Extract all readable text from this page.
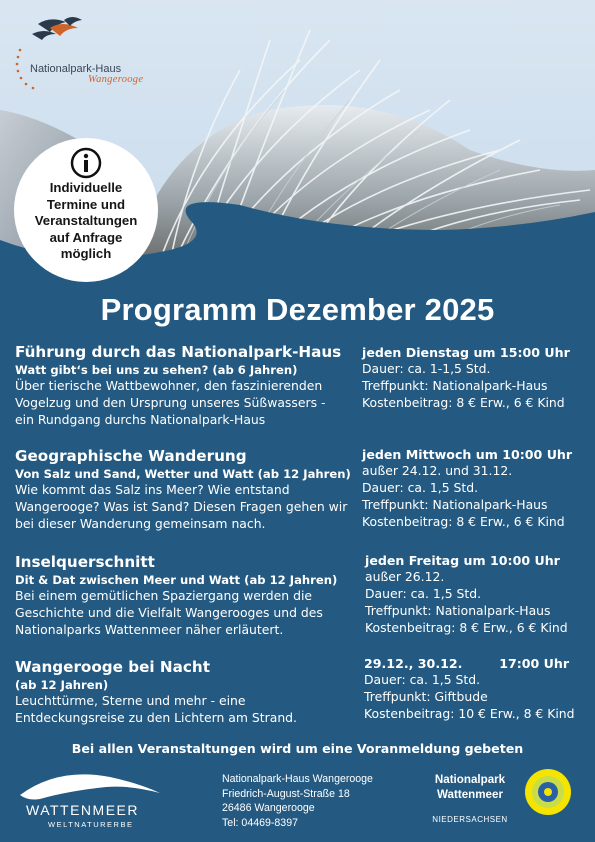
Nationalpark-Haus
Wangerooge
Individuelle
Termine und
Veranstaltungen
auf Anfrage
möglich
Programm Dezember 2025
Führung durch das Nationalpark-Haus
Watt gibt‘s bei uns zu sehen? (ab 6 Jahren)
Über tierische Wattbewohner, den faszinierenden
Vogelzug und den Ursprung unseres Süßwassers -
ein Rundgang durchs Nationalpark-Haus
jeden Dienstag um 15:00 Uhr
Dauer: ca. 1-1,5 Std.
Treffpunkt: Nationalpark-Haus
Kostenbeitrag: 8 € Erw., 6 € Kind
Geographische Wanderung
Von Salz und Sand, Wetter und Watt (ab 12 Jahren)
Wie kommt das Salz ins Meer? Wie entstand
Wangerooge? Was ist Sand? Diesen Fragen gehen wir
bei dieser Wanderung gemeinsam nach.
jeden Mittwoch um 10:00 Uhr
außer 24.12. und 31.12.
Dauer: ca. 1,5 Std.
Treffpunkt: Nationalpark-Haus
Kostenbeitrag: 8 € Erw., 6 € Kind
Inselquerschnitt
Dit & Dat zwischen Meer und Watt (ab 12 Jahren)
Bei einem gemütlichen Spaziergang werden die
Geschichte und die Vielfalt Wangerooges und des
Nationalparks Wattenmeer näher erläutert.
jeden Freitag um 10:00 Uhr
außer 26.12.
Dauer: ca. 1,5 Std.
Treffpunkt: Nationalpark-Haus
Kostenbeitrag: 8 € Erw., 6 € Kind
Wangerooge bei Nacht
(ab 12 Jahren)
Leuchttürme, Sterne und mehr - eine
Entdeckungsreise zu den Lichtern am Strand.
29.12., 30.12.	17:00 Uhr
Dauer: ca. 1,5 Std.
Treffpunkt: Giftbude
Kostenbeitrag: 10 € Erw., 8 € Kind
Bei allen Veranstaltungen wird um eine Voranmeldung gebeten
WATTENMEER
WELTNATURERBE
Nationalpark-Haus Wangerooge
Friedrich-August-Straße 18
26486 Wangerooge
Tel: 04469-8397
Nationalpark
Wattenmeer
NIEDERSACHSEN
